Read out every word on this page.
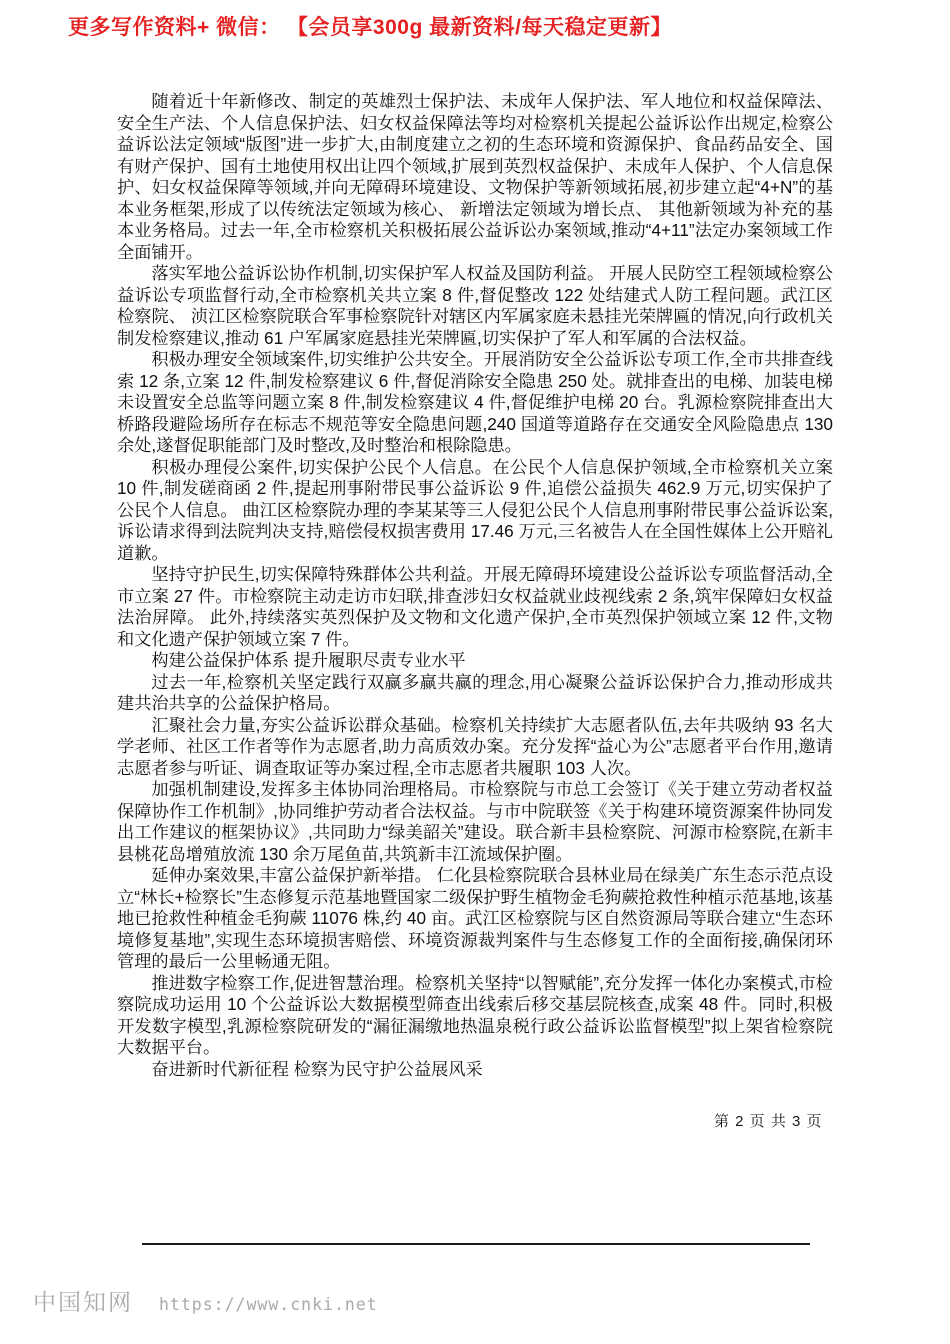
更多写作资料+ 微信： 【会员享300g 最新资料/每天稳定更新】

随着近十年新修改、制定的英雄烈士保护法、未成年人保护法、军人地位和权益保障法、安全生产法、个人信息保护法、妇女权益保障法等均对检察机关提起公益诉讼作出规定,检察公益诉讼法定领域“版图”进一步扩大,由制度建立之初的生态环境和资源保护、食品药品安全、国有财产保护、国有土地使用权出让四个领域,扩展到英烈权益保护、未成年人保护、个人信息保护、妇女权益保障等领域,并向无障碍环境建设、文物保护等新领域拓展,初步建立起“4+N”的基本业务框架,形成了以传统法定领域为核心、 新增法定领域为增长点、 其他新领域为补充的基本业务格局。过去一年,全市检察机关积极拓展公益诉讼办案领域,推动“4+11”法定办案领域工作全面铺开。

落实军地公益诉讼协作机制,切实保护军人权益及国防利益。 开展人民防空工程领域检察公益诉讼专项监督行动,全市检察机关共立案 8 件,督促整改 122 处结建式人防工程问题。武江区检察院、 浈江区检察院联合军事检察院针对辖区内军属家庭未悬挂光荣牌匾的情况,向行政机关制发检察建议,推动 61 户军属家庭悬挂光荣牌匾,切实保护了军人和军属的合法权益。

积极办理安全领域案件,切实维护公共安全。开展消防安全公益诉讼专项工作,全市共排查线索 12 条,立案 12 件,制发检察建议 6 件,督促消除安全隐患 250 处。就排查出的电梯、加装电梯未设置安全总监等问题立案 8 件,制发检察建议 4 件,督促维护电梯 20 台。乳源检察院排查出大桥路段避险场所存在标志不规范等安全隐患问题,240 国道等道路存在交通安全风险隐患点 130 余处,遂督促职能部门及时整改,及时整治和根除隐患。

积极办理侵公案件,切实保护公民个人信息。在公民个人信息保护领域,全市检察机关立案 10 件,制发磋商函 2 件,提起刑事附带民事公益诉讼 9 件,追偿公益损失 462.9 万元,切实保护了公民个人信息。 曲江区检察院办理的李某某等三人侵犯公民个人信息刑事附带民事公益诉讼案,诉讼请求得到法院判决支持,赔偿侵权损害费用 17.46 万元,三名被告人在全国性媒体上公开赔礼道歉。

坚持守护民生,切实保障特殊群体公共利益。开展无障碍环境建设公益诉讼专项监督活动,全市立案 27 件。市检察院主动走访市妇联,排查涉妇女权益就业歧视线索 2 条,筑牢保障妇女权益法治屏障。 此外,持续落实英烈保护及文物和文化遗产保护,全市英烈保护领域立案 12 件,文物和文化遗产保护领域立案 7 件。

构建公益保护体系 提升履职尽责专业水平

过去一年,检察机关坚定践行双赢多赢共赢的理念,用心凝聚公益诉讼保护合力,推动形成共建共治共享的公益保护格局。

汇聚社会力量,夯实公益诉讼群众基础。检察机关持续扩大志愿者队伍,去年共吸纳 93 名大学老师、社区工作者等作为志愿者,助力高质效办案。充分发挥“益心为公”志愿者平台作用,邀请志愿者参与听证、调查取证等办案过程,全市志愿者共履职 103 人次。

加强机制建设,发挥多主体协同治理格局。市检察院与市总工会签订《关于建立劳动者权益保障协作工作机制》,协同维护劳动者合法权益。与市中院联签《关于构建环境资源案件协同发出工作建议的框架协议》,共同助力“绿美韶关”建设。联合新丰县检察院、河源市检察院,在新丰县桃花岛增殖放流 130 余万尾鱼苗,共筑新丰江流域保护圈。

延伸办案效果,丰富公益保护新举措。 仁化县检察院联合县林业局在绿美广东生态示范点设立“林长+检察长”生态修复示范基地暨国家二级保护野生植物金毛狗蕨抢救性种植示范基地,该基地已抢救性种植金毛狗蕨 11076 株,约 40 亩。武江区检察院与区自然资源局等联合建立“生态环境修复基地”,实现生态环境损害赔偿、环境资源裁判案件与生态修复工作的全面衔接,确保闭环管理的最后一公里畅通无阻。

推进数字检察工作,促进智慧治理。检察机关坚持“以智赋能”,充分发挥一体化办案模式,市检察院成功运用 10 个公益诉讼大数据模型筛查出线索后移交基层院核查,成案 48 件。同时,积极开发数字模型,乳源检察院研发的“漏征漏缴地热温泉税行政公益诉讼监督模型”拟上架省检察院大数据平台。

奋进新时代新征程 检察为民守护公益展风采

第 2 页 共 3 页
中国知网 https://www.cnki.net
